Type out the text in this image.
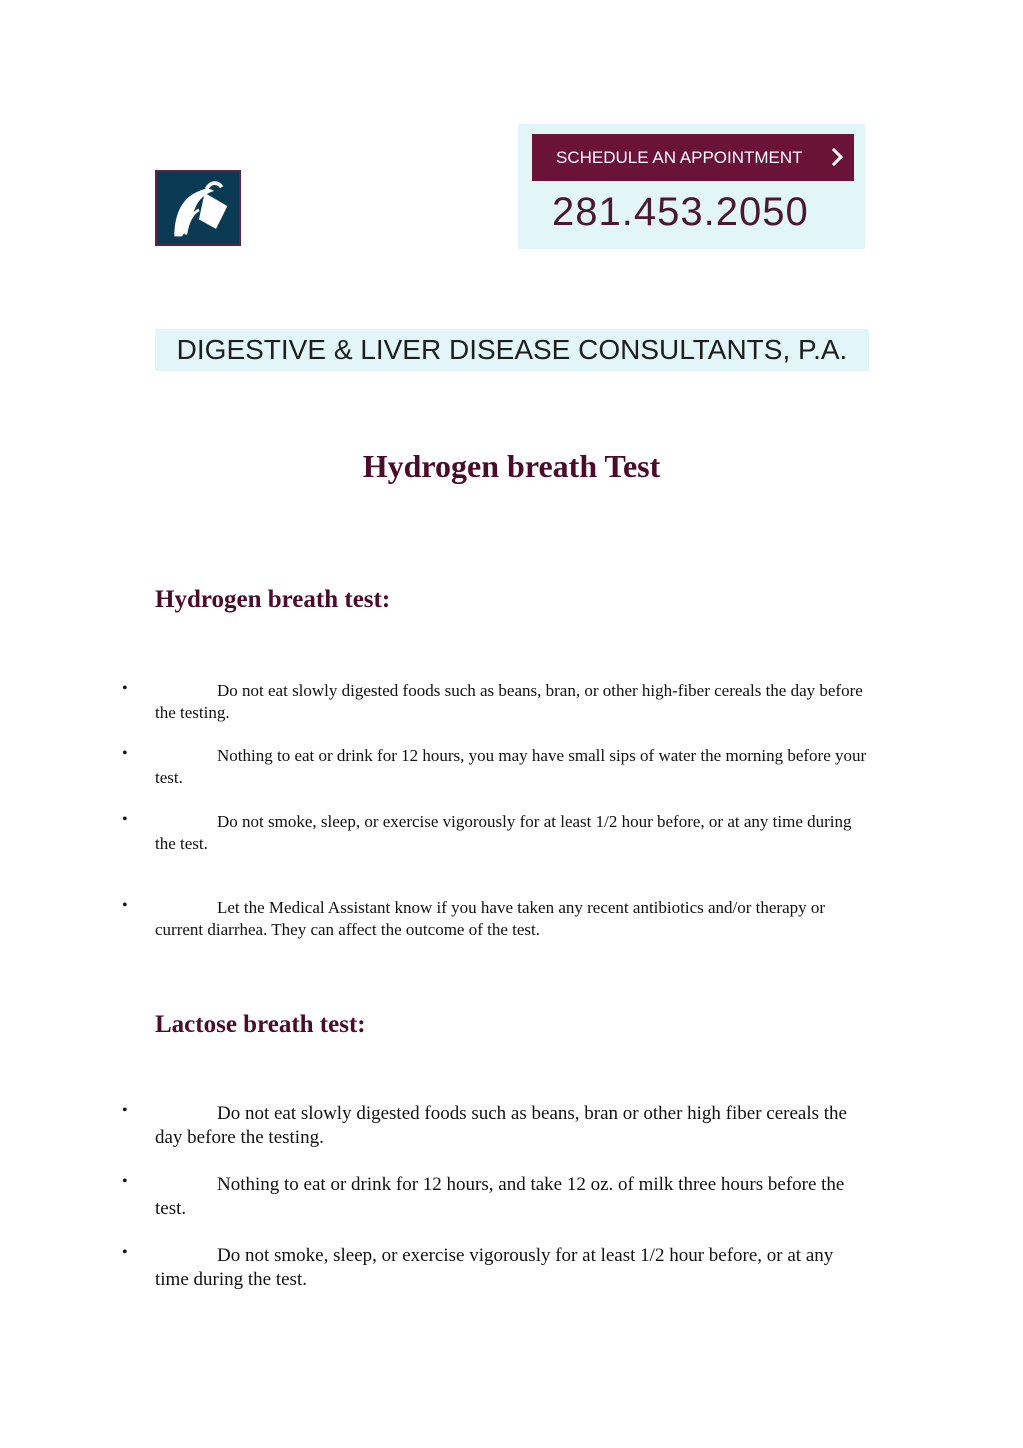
SCHEDULE AN APPOINTMENT
281.453.2050
DIGESTIVE & LIVER DISEASE CONSULTANTS, P.A.
Hydrogen breath Test
Hydrogen breath test:
•	Do not eat slowly digested foods such as beans, bran, or other high-fiber cereals the day before the testing.

•	Nothing to eat or drink for 12 hours, you may have small sips of water the morning before your test.

•	Do not smoke, sleep, or exercise vigorously for at least 1/2 hour before, or at any time during the test.

•	Let the Medical Assistant know if you have taken any recent antibiotics and/or therapy or current diarrhea. They can affect the outcome of the test.

Lactose breath test:
•	Do not eat slowly digested foods such as beans, bran or other high fiber cereals the day before the testing.

•	Nothing to eat or drink for 12 hours, and take 12 oz. of milk three hours before the test.

•	Do not smoke, sleep, or exercise vigorously for at least 1/2 hour before, or at any time during the test.
